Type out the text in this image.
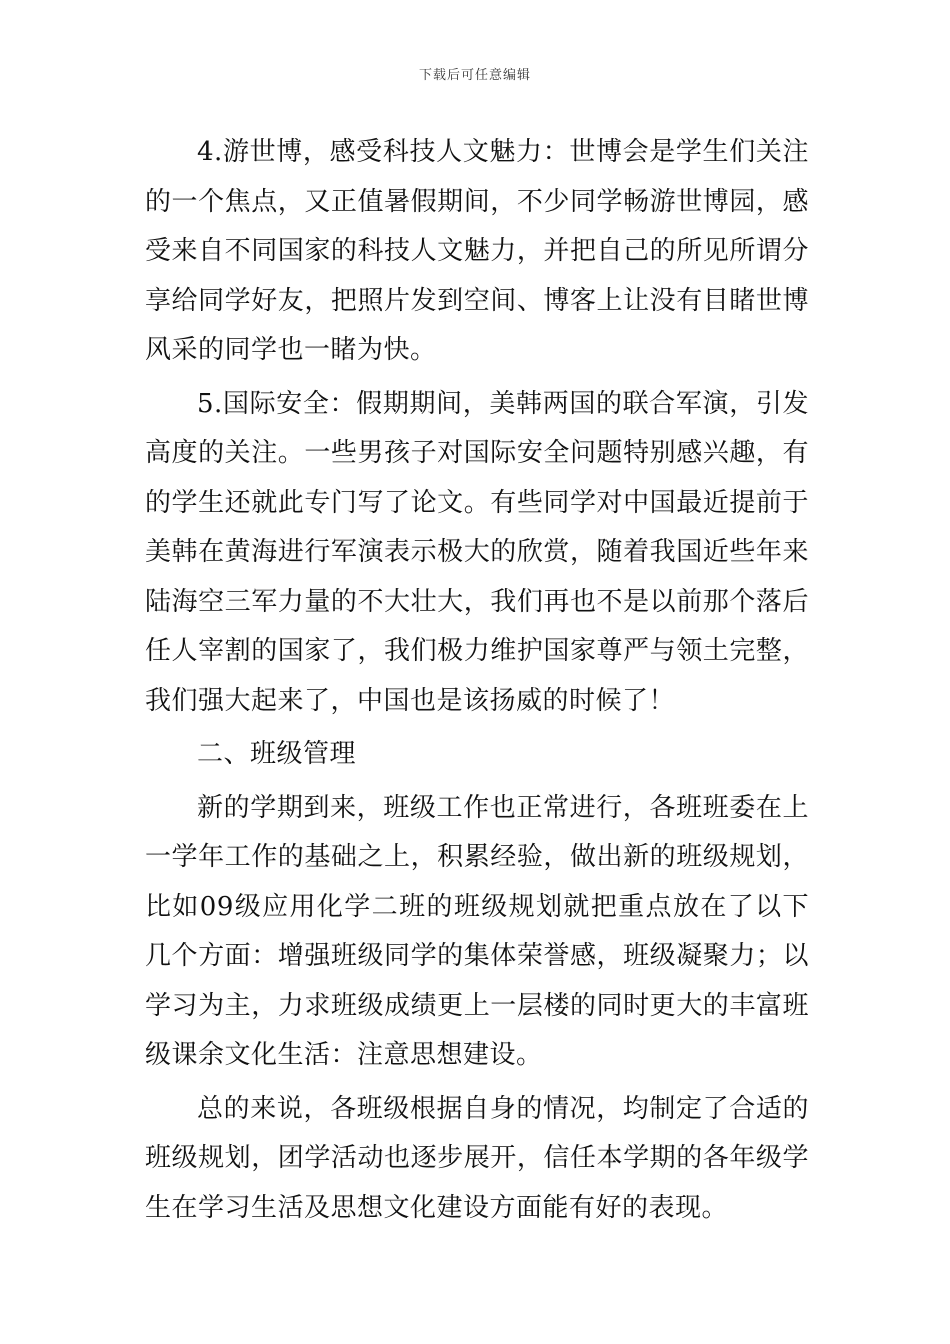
下载后可任意编辑

4.游世博，感受科技人文魅力：世博会是学生们关注的一个焦点，又正值暑假期间，不少同学畅游世博园，感受来自不同国家的科技人文魅力，并把自己的所见所谓分享给同学好友，把照片发到空间、博客上让没有目睹世博风采的同学也一睹为快。

5.国际安全：假期期间，美韩两国的联合军演，引发高度的关注。一些男孩子对国际安全问题特别感兴趣，有的学生还就此专门写了论文。有些同学对中国最近提前于美韩在黄海进行军演表示极大的欣赏，随着我国近些年来陆海空三军力量的不大壮大，我们再也不是以前那个落后任人宰割的国家了，我们极力维护国家尊严与领土完整，我们强大起来了，中国也是该扬威的时候了！

二、班级管理

新的学期到来，班级工作也正常进行，各班班委在上一学年工作的基础之上，积累经验，做出新的班级规划，比如09级应用化学二班的班级规划就把重点放在了以下几个方面：增强班级同学的集体荣誉感，班级凝聚力；以学习为主，力求班级成绩更上一层楼的同时更大的丰富班级课余文化生活：注意思想建设。

总的来说，各班级根据自身的情况，均制定了合适的班级规划，团学活动也逐步展开，信任本学期的各年级学生在学习生活及思想文化建设方面能有好的表现。
